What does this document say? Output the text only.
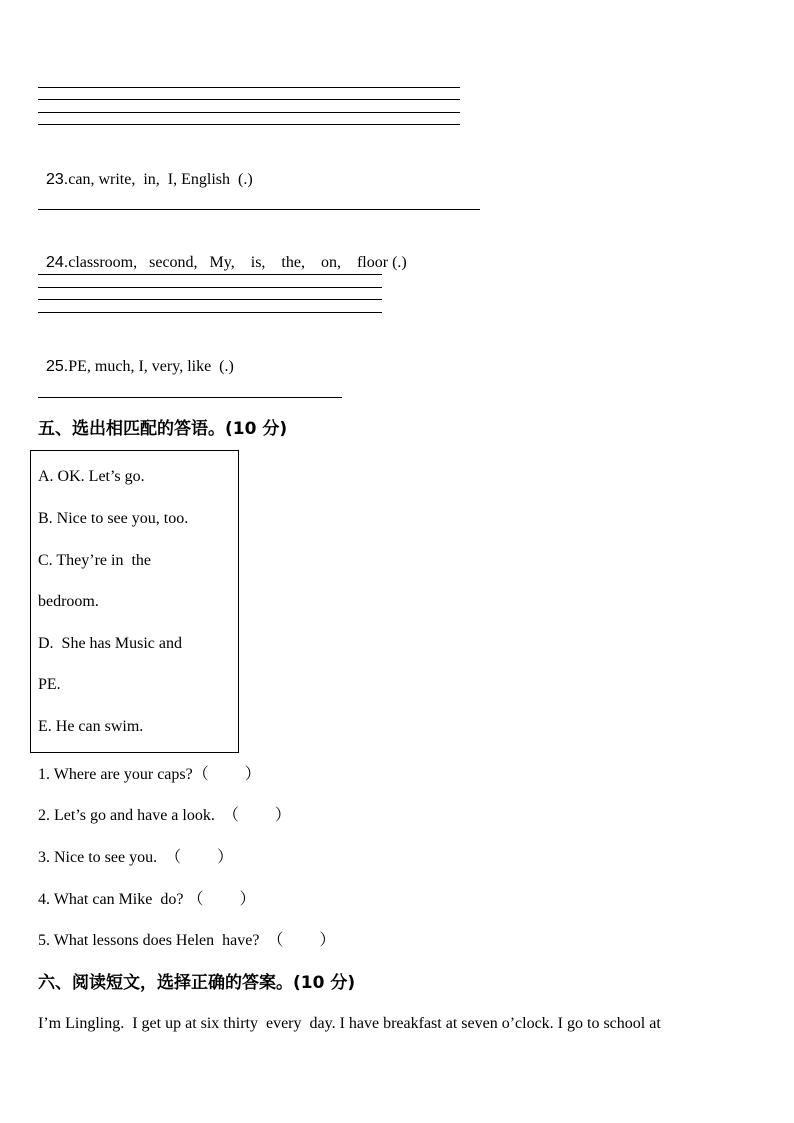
23.can, write,  in,  I, English  (.)

24.classroom,   second,   My,    is,    the,    on,    floor (.)

25.PE, much, I, very, like  (.)

五、选出相匹配的答语。(10 分)
A. OK. Let’s go.
B. Nice to see you, too.
C. They’re in  the
bedroom.
D.  She has Music and
PE.
E. He can swim.
1. Where are your caps?（         ）
2. Let’s go and have a look.  （         ）
3. Nice to see you.  （         ）
4. What can Mike  do? （         ）
5. What lessons does Helen  have?  （         ）
六、阅读短文，选择正确的答案。(10 分)
I’m Lingling.  I get up at six thirty  every  day. I have breakfast at seven o’clock. I go to school at
